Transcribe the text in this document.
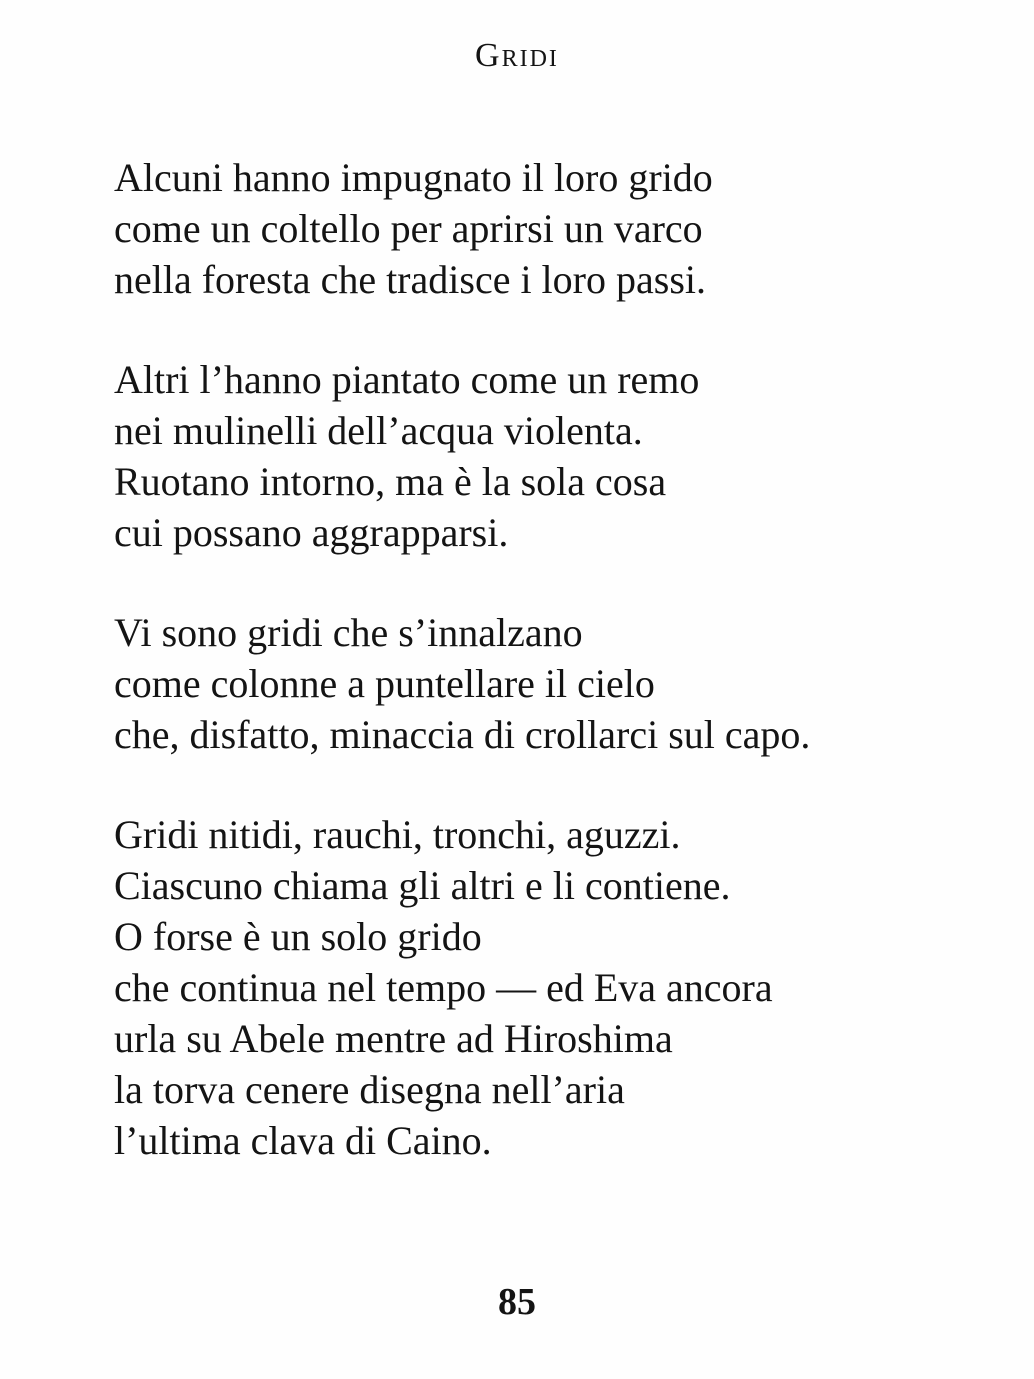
Gridi
Alcuni hanno impugnato il loro grido
come un coltello per aprirsi un varco
nella foresta che tradisce i loro passi.
Altri l’hanno piantato come un remo
nei mulinelli dell’acqua violenta.
Ruotano intorno, ma è la sola cosa
cui possano aggrapparsi.
Vi sono gridi che s’innalzano
come colonne a puntellare il cielo
che, disfatto, minaccia di crollarci sul capo.
Gridi nitidi, rauchi, tronchi, aguzzi.
Ciascuno chiama gli altri e li contiene.
O forse è un solo grido
che continua nel tempo — ed Eva ancora
urla su Abele mentre ad Hiroshima
la torva cenere disegna nell’aria
l’ultima clava di Caino.
85
